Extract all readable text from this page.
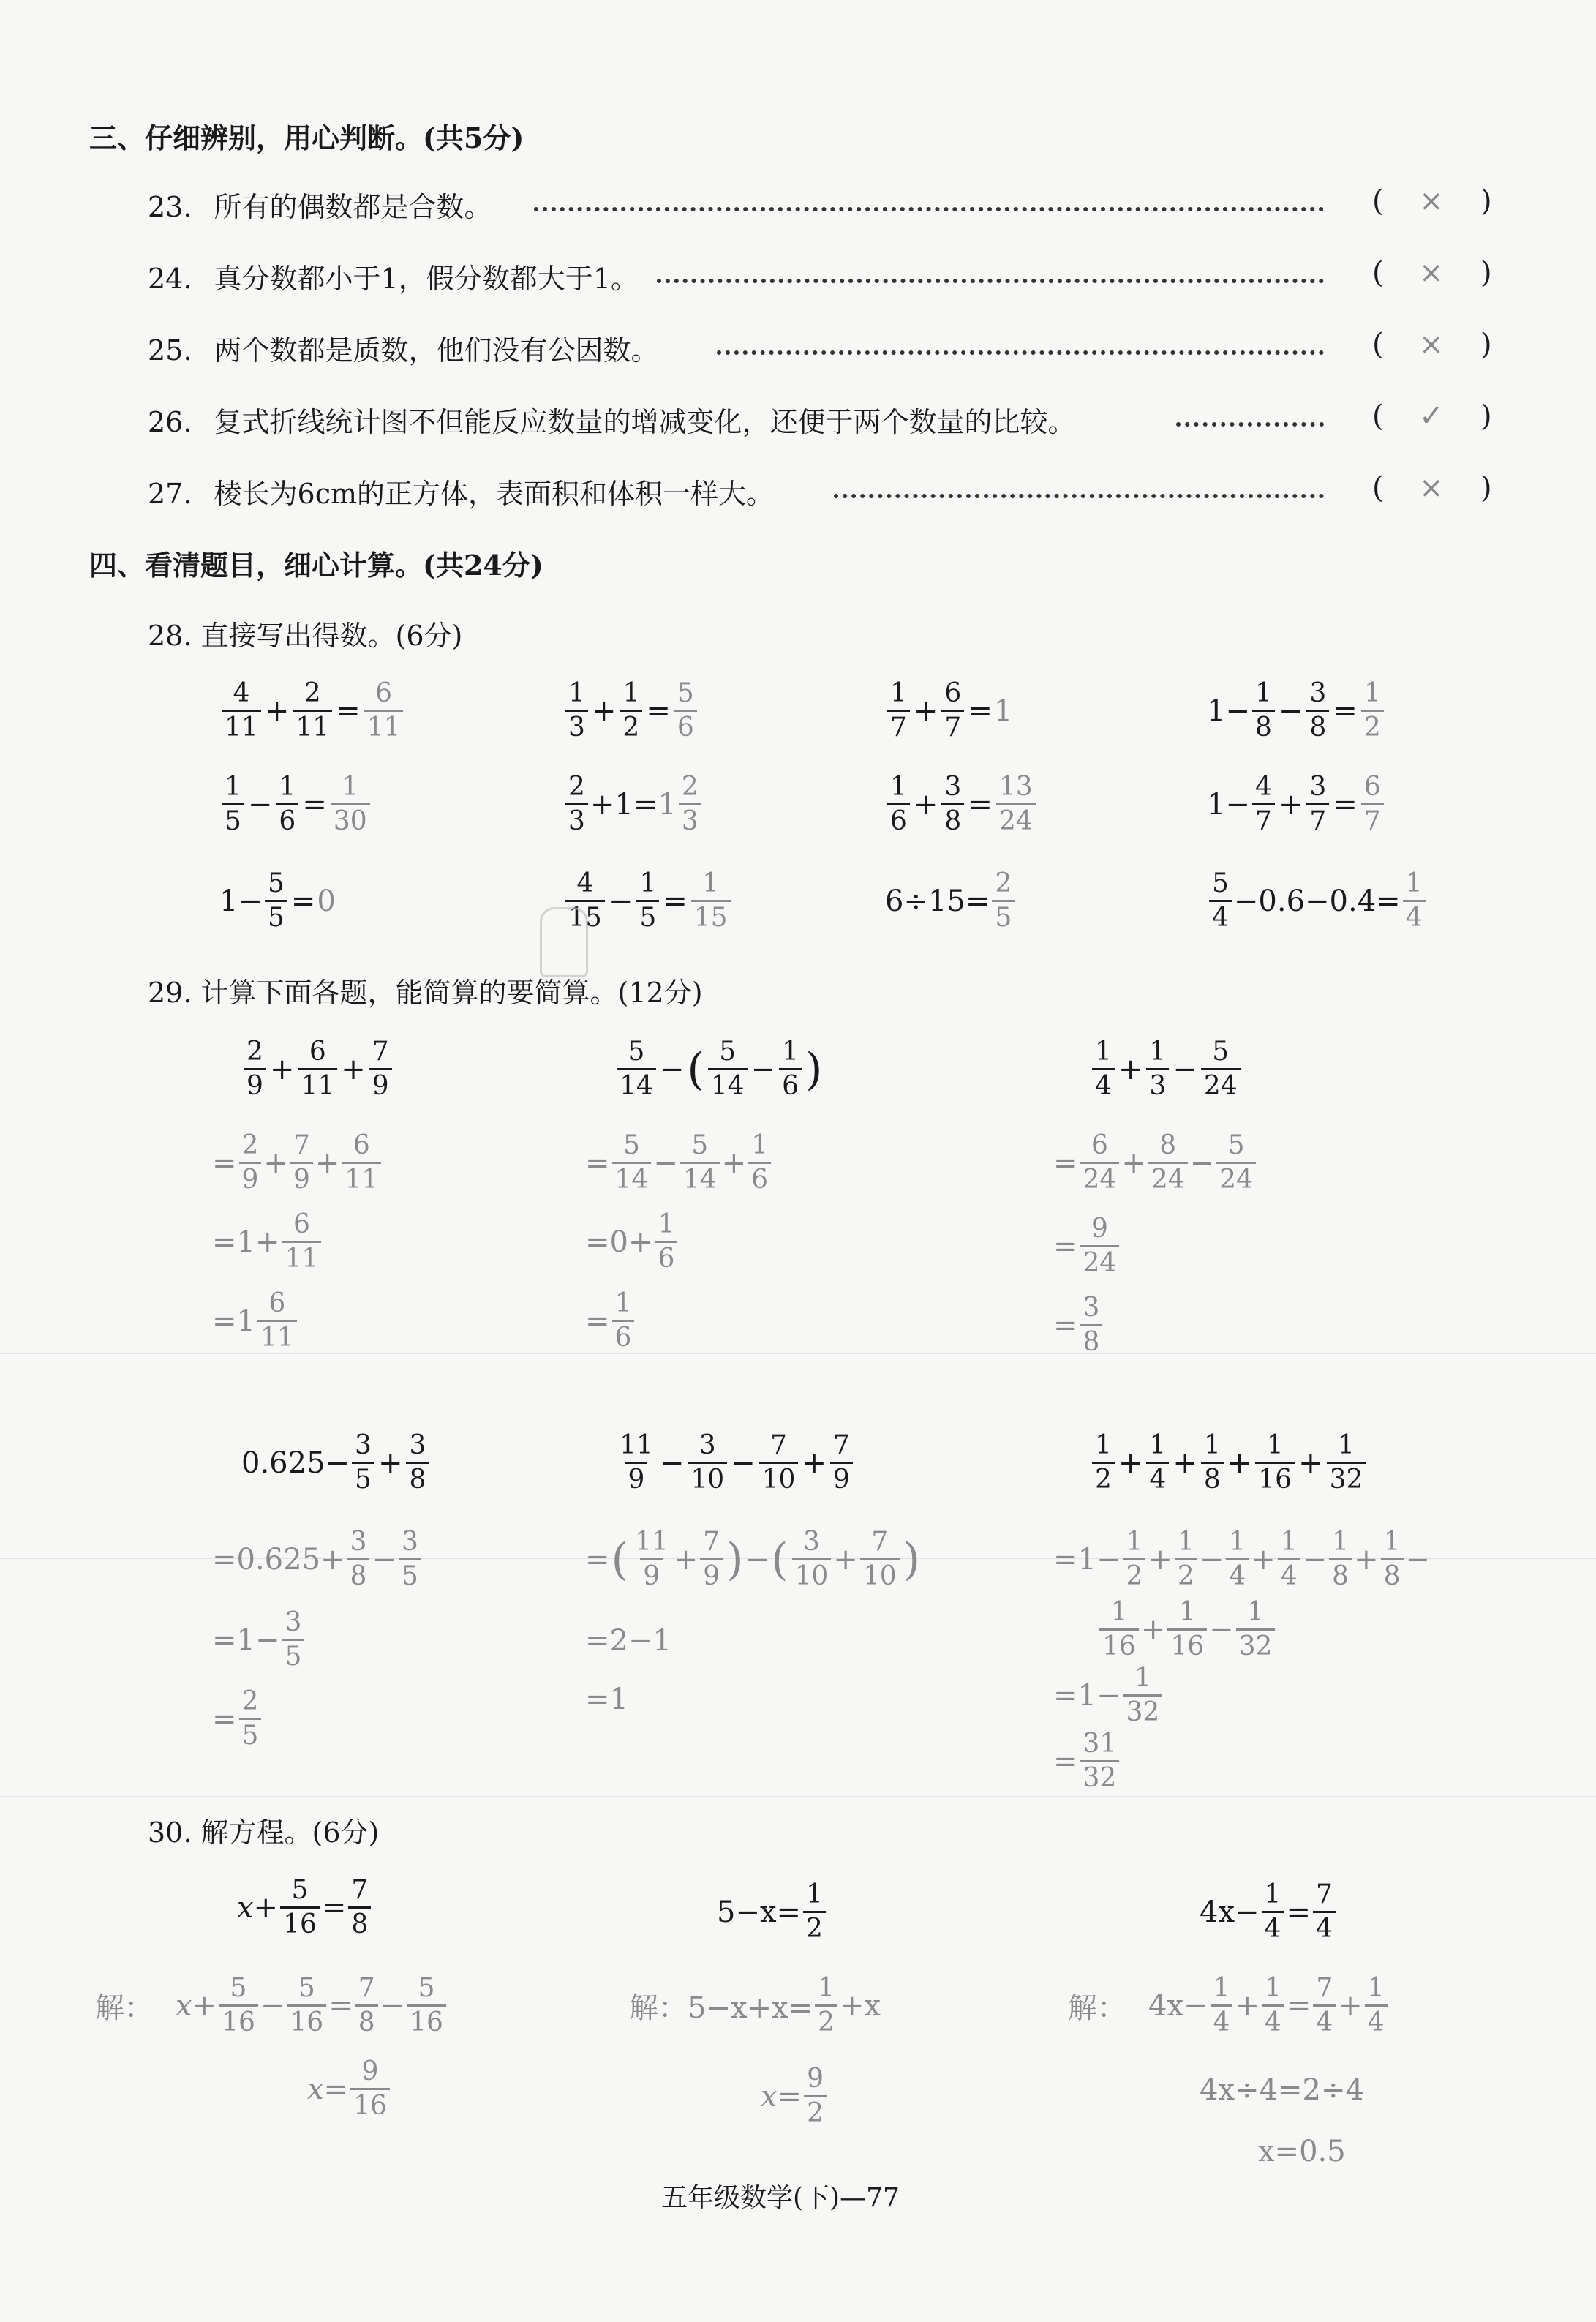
三、仔细辨别，用心判断。(共5分)
23. 所有的偶数都是合数。	( × )
24. 真分数都小于1，假分数都大于1。	( × )
25. 两个数都是质数，他们没有公因数。	( × )
26. 复式折线统计图不但能反应数量的增减变化，还便于两个数量的比较。	( ✓ )
27. 棱长为6cm的正方体，表面积和体积一样大。	( × )
四、看清题目，细心计算。(共24分)
28. 直接写出得数。(6分)
$\frac{4}{11} + \frac{2}{11} = \frac{6}{11}$	$\frac{1}{3} + \frac{1}{2} = \frac{5}{6}$	$\frac{1}{7} + \frac{6}{7} = 1$	$1- \frac{1}{8} - \frac{3}{8} = \frac{1}{2}$
$\frac{1}{5} - \frac{1}{6} = \frac{1}{30}$	$\frac{2}{3} +1= 1 \frac{2}{3}$	$\frac{1}{6} + \frac{3}{8} = \frac{13}{24}$	$1- \frac{4}{7} + \frac{3}{7} = \frac{6}{7}$
$1- \frac{5}{5} = 0$	$\frac{4}{15} - \frac{1}{5} = \frac{1}{15}$	$6\div 15= \frac{2}{5}$	$\frac{5}{4} -0.6-0.4= \frac{1}{4}$
29. 计算下面各题，能简算的要简算。(12分)
$\frac{2}{9} + \frac{6}{11} + \frac{7}{9}$
= $\frac{2}{9} + \frac{7}{9} + \frac{6}{11}$
$=1+ \frac{6}{11}$
$=1 \frac{6}{11}$
$\frac{5}{14}$ − ( $\frac{5}{14} - \frac{1}{6}$ )
= $\frac{5}{14} - \frac{5}{14} + \frac{1}{6}$
$=0+ \frac{1}{6}$
= $\frac{1}{6}$
$\frac{1}{4} + \frac{1}{3} - \frac{5}{24}$
= $\frac{6}{24} + \frac{8}{24} - \frac{5}{24}$
= $\frac{9}{24}$
= $\frac{3}{8}$
$0.625- \frac{3}{5} + \frac{3}{8}$
$=0.625+ \frac{3}{8} - \frac{3}{5}$
$=1- \frac{3}{5}$
= $\frac{2}{5}$
$\frac{11}{9} - \frac{3}{10} - \frac{7}{10} + \frac{7}{9}$
= ( $\frac{11}{9} + \frac{7}{9}$ ) − ( $\frac{3}{10} + \frac{7}{10}$ )
=2−1
=1
$\frac{1}{2} + \frac{1}{4} + \frac{1}{8} + \frac{1}{16} + \frac{1}{32}$
$=1- \frac{1}{2} + \frac{1}{2} - \frac{1}{4} + \frac{1}{4} - \frac{1}{8} + \frac{1}{8}$ −
$\frac{1}{16} + \frac{1}{16} - \frac{1}{32}$
$=1- \frac{1}{32}$
= $\frac{31}{32}$
30. 解方程。(6分)
$x+ \frac{5}{16} = \frac{7}{8}$
解： $x+ \frac{5}{16} - \frac{5}{16} = \frac{7}{8} - \frac{5}{16}$
$x= \frac{9}{16}$
$5-x= \frac{1}{2}$
解：$5-x+x= \frac{1}{2} +x$
$x= \frac{9}{2}$
$4x- \frac{1}{4} = \frac{7}{4}$
解： $4x- \frac{1}{4} + \frac{1}{4} = \frac{7}{4} + \frac{1}{4}$
4x÷4=2÷4
x=0.5
五年级数学(下)—77
